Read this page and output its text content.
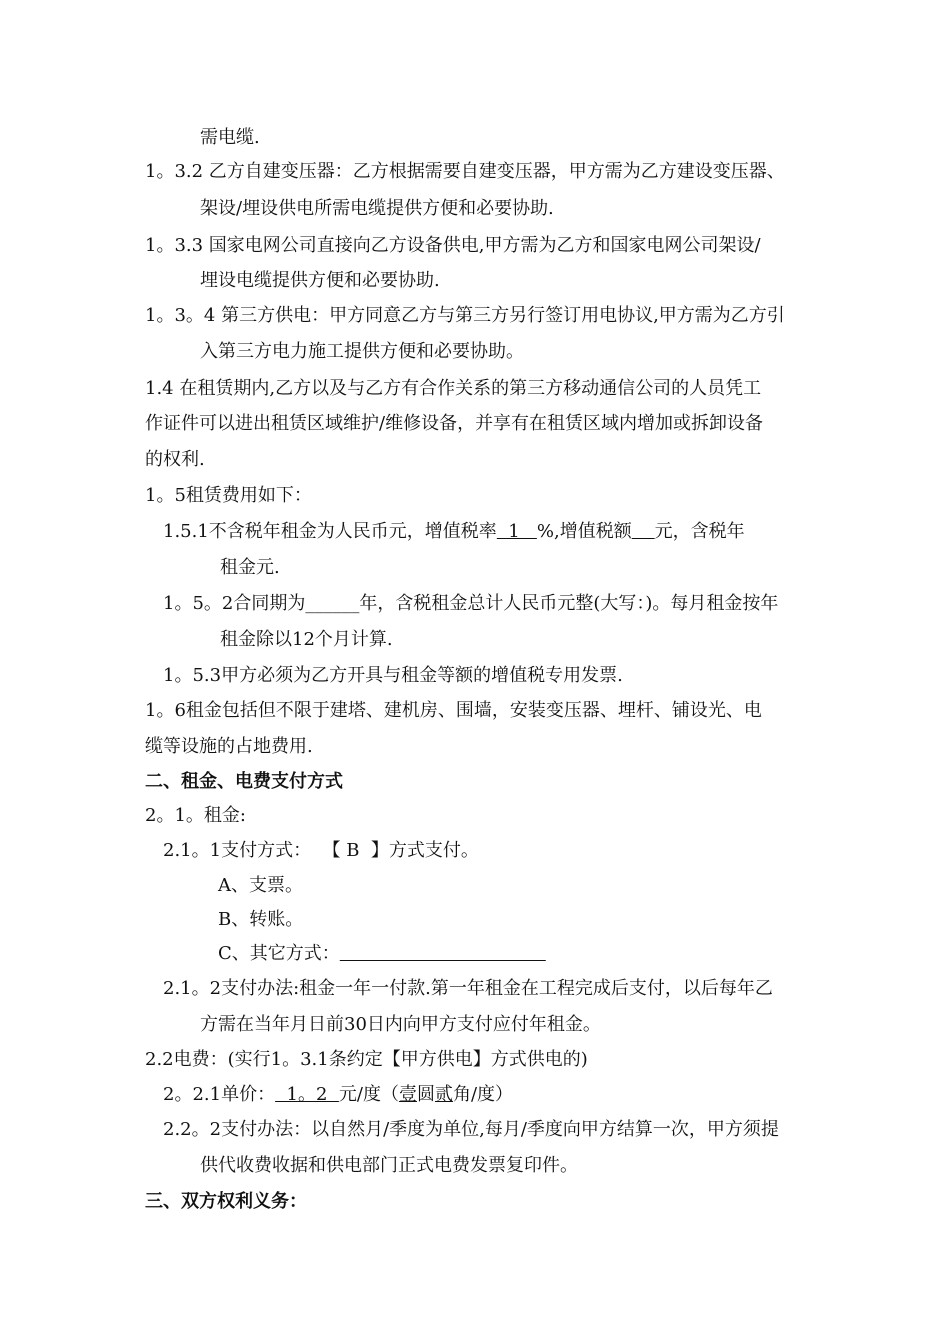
需电缆.
1。3.2 乙方自建变压器：乙方根据需要自建变压器，甲方需为乙方建设变压器、
架设/埋设供电所需电缆提供方便和必要协助.
1。3.3 国家电网公司直接向乙方设备供电,甲方需为乙方和国家电网公司架设/
埋设电缆提供方便和必要协助.
1。3。4 第三方供电：甲方同意乙方与第三方另行签订用电协议,甲方需为乙方引
入第三方电力施工提供方便和必要协助。
1.4 在租赁期内,乙方以及与乙方有合作关系的第三方移动通信公司的人员凭工
作证件可以进出租赁区域维护/维修设备，并享有在租赁区域内增加或拆卸设备
的权利.
1。5租赁费用如下：
1.5.1不含税年租金为人民币元，增值税率  1   %,增值税额 元，含税年
租金元.
1。5。2合同期为______年，含税租金总计人民币元整(大写：)。每月租金按年
租金除以12个月计算.
1。5.3甲方必须为乙方开具与租金等额的增值税专用发票.
1。6租金包括但不限于建塔、建机房、围墙，安装变压器、埋杆、铺设光、电
缆等设施的占地费用.
二、租金、电费支付方式
2。1。租金:
2.1。1支付方式：  【 B  】方式支付。
A、支票。
B、转账。
C、其它方式：
2.1。2支付办法:租金一年一付款.第一年租金在工程完成后支付，以后每年乙
方需在当年月日前30日内向甲方支付应付年租金。
2.2电费：(实行1。3.1条约定【甲方供电】方式供电的)
2。2.1单价：  1。2  元/度（壹圆贰角/度）
2.2。2支付办法：以自然月/季度为单位,每月/季度向甲方结算一次，甲方须提
供代收费收据和供电部门正式电费发票复印件。
三、双方权利义务：
